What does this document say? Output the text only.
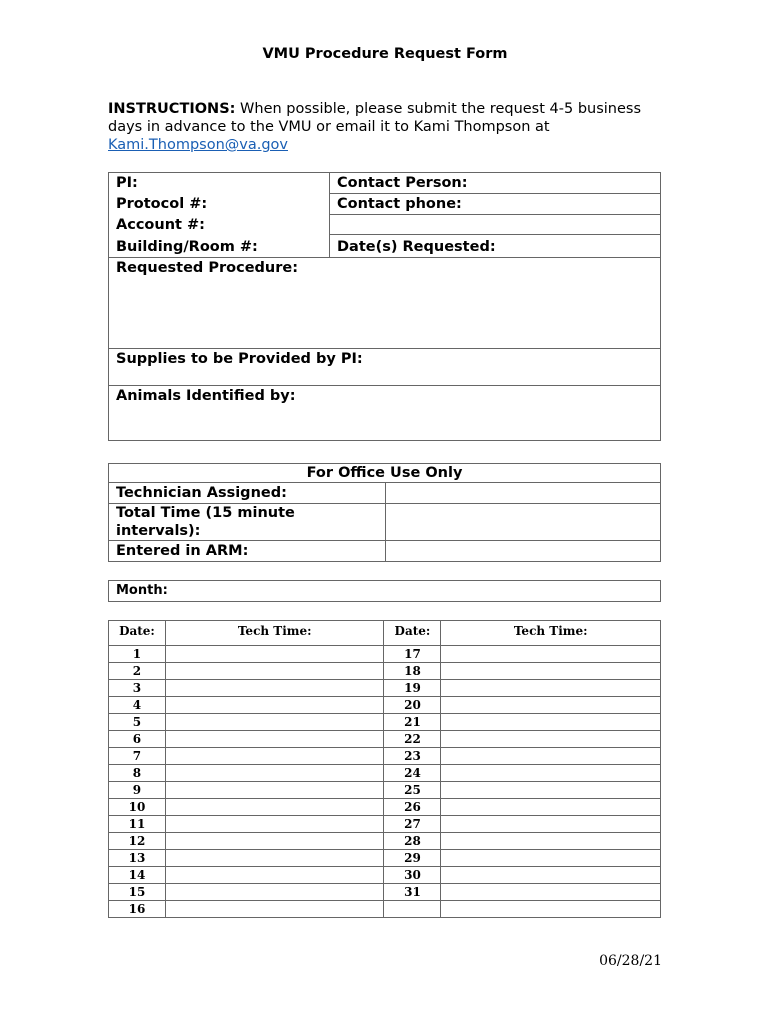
VMU Procedure Request Form
INSTRUCTIONS: When possible, please submit the request 4-5 business days in advance to the VMU or email it to Kami Thompson at Kami.Thompson@va.gov
PI:	Contact Person:
Protocol #:	Contact phone:
Account #:	
Building/Room #:	Date(s) Requested:
Requested Procedure:	
Supplies to be Provided by PI:	
Animals Identified by:	
For Office Use Only	
Technician Assigned:	
Total Time (15 minute intervals):	
Entered in ARM:	
Month:
Date:	Tech Time:	Date:	Tech Time:
1		17	
2		18	
3		19	
4		20	
5		21	
6		22	
7		23	
8		24	
9		25	
10		26	
11		27	
12		28	
13		29	
14		30	
15		31	
16			
06/28/21
